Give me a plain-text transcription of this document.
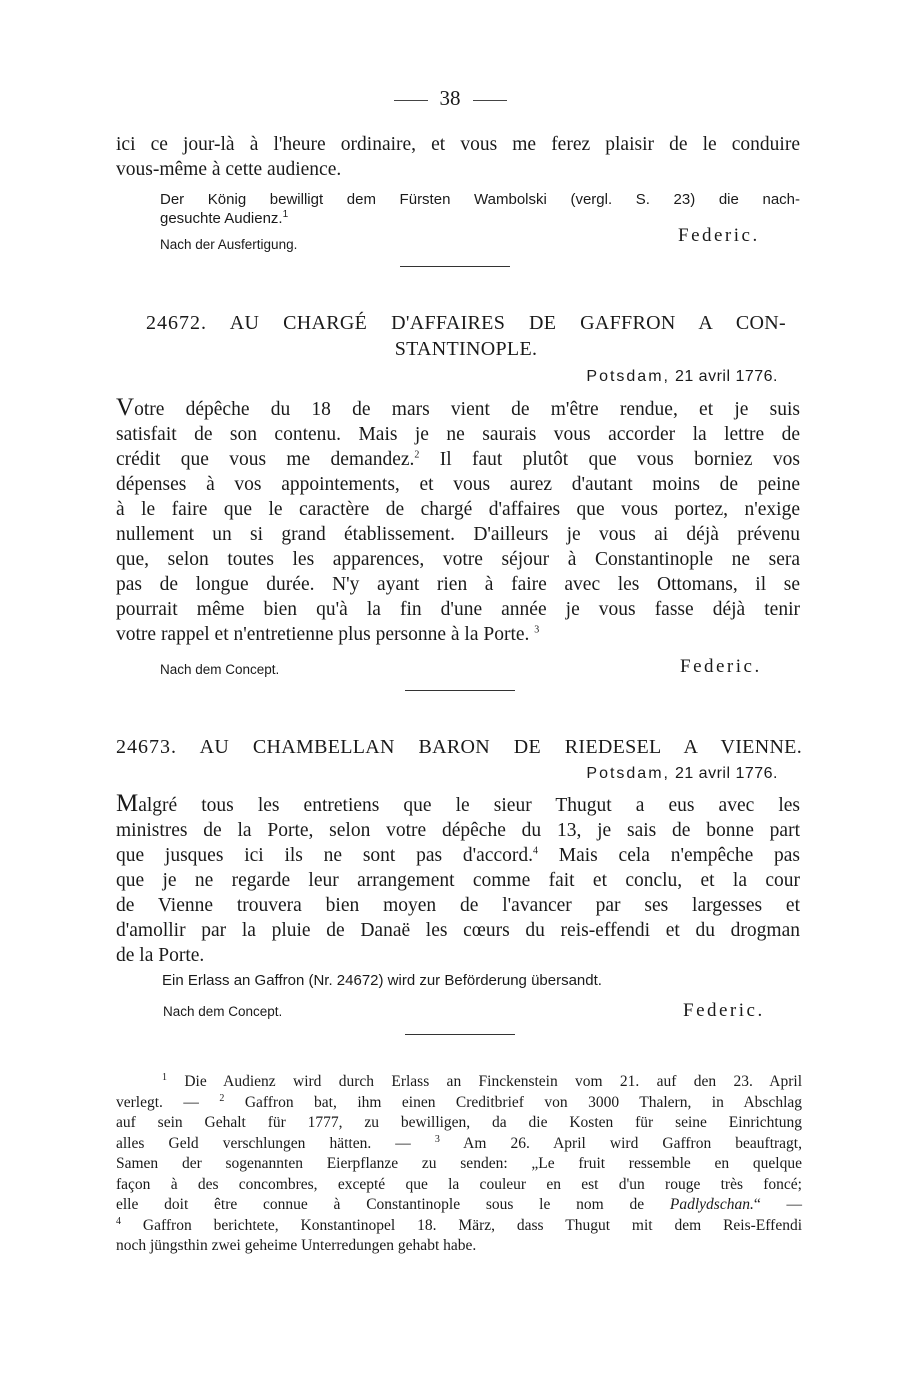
38

ici ce jour-là à l'heure ordinaire, et vous me ferez plaisir de le conduire

vous-même à cette audience.

Der König bewilligt dem Fürsten Wambolski (vergl. S. 23) die nach-
gesuchte Audienz.$^1$
Nach der Ausfertigung.	Federic.
24672. AU CHARGÉ D'AFFAIRES DE GAFFRON A CON-
STANTINOPLE.
Potsdam, 21 avril 1776.

Votre dépêche du 18 de mars vient de m'être rendue, et je suis

satisfait de son contenu. Mais je ne saurais vous accorder la lettre de

crédit que vous me demandez.$^2$ Il faut plutôt que vous borniez vos

dépenses à vos appointements, et vous aurez d'autant moins de peine

à le faire que le caractère de chargé d'affaires que vous portez, n'exige

nullement un si grand établissement. D'ailleurs je vous ai déjà prévenu

que, selon toutes les apparences, votre séjour à Constantinople ne sera

pas de longue durée. N'y ayant rien à faire avec les Ottomans, il se

pourrait même bien qu'à la fin d'une année je vous fasse déjà tenir

votre rappel et n'entretienne plus personne à la Porte. $^3$

Nach dem Concept.	Federic.
24673. AU CHAMBELLAN BARON DE RIEDESEL A VIENNE.
Potsdam, 21 avril 1776.

Malgré tous les entretiens que le sieur Thugut a eus avec les

ministres de la Porte, selon votre dépêche du 13, je sais de bonne part

que jusques ici ils ne sont pas d'accord.$^4$ Mais cela n'empêche pas

que je ne regarde leur arrangement comme fait et conclu, et la cour

de Vienne trouvera bien moyen de l'avancer par ses largesses et

d'amollir par la pluie de Danaë les cœurs du reis-effendi et du drogman

de la Porte.

Ein Erlass an Gaffron (Nr. 24672) wird zur Beförderung übersandt.
Nach dem Concept.	Federic.
$^1$ Die Audienz wird durch Erlass an Finckenstein vom 21. auf den 23. April
verlegt. — $^2$ Gaffron bat, ihm einen Creditbrief von 3000 Thalern, in Abschlag
auf sein Gehalt für 1777, zu bewilligen, da die Kosten für seine Einrichtung
alles Geld verschlungen hätten. — $^3$ Am 26. April wird Gaffron beauftragt,
Samen der sogenannten Eierpflanze zu senden: „Le fruit ressemble en quelque
façon à des concombres, excepté que la couleur en est d'un rouge très foncé;
elle doit être connue à Constantinople sous le nom de Padlydschan.“ —
$^4$ Gaffron berichtete, Konstantinopel 18. März, dass Thugut mit dem Reis-Effendi
noch jüngsthin zwei geheime Unterredungen gehabt habe.
